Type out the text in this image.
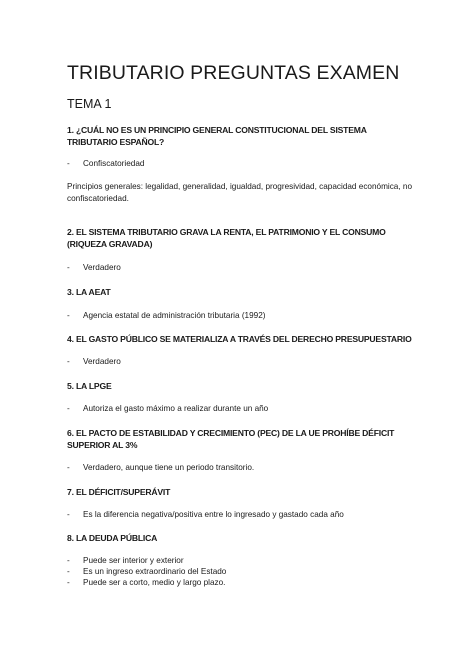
TRIBUTARIO PREGUNTAS EXAMEN
TEMA 1
1. ¿CUÁL NO ES UN PRINCIPIO GENERAL CONSTITUCIONAL DEL SISTEMA TRIBUTARIO ESPAÑOL?
- Confiscatoriedad
Principios generales: legalidad, generalidad, igualdad, progresividad, capacidad económica, no confiscatoriedad.
2. EL SISTEMA TRIBUTARIO GRAVA LA RENTA, EL PATRIMONIO Y EL CONSUMO (RIQUEZA GRAVADA)
- Verdadero
3. LA AEAT
- Agencia estatal de administración tributaria (1992)
4. EL GASTO PÚBLICO SE MATERIALIZA A TRAVÉS DEL DERECHO PRESUPUESTARIO
- Verdadero
5. LA LPGE
- Autoriza el gasto máximo a realizar durante un año
6. EL PACTO DE ESTABILIDAD Y CRECIMIENTO (PEC) DE LA UE PROHÍBE DÉFICIT SUPERIOR AL 3%
- Verdadero, aunque tiene un periodo transitorio.
7. EL DÉFICIT/SUPERÁVIT
- Es la diferencia negativa/positiva entre lo ingresado y gastado cada año
8. LA DEUDA PÚBLICA
- Puede ser interior y exterior
- Es un ingreso extraordinario del Estado
- Puede ser a corto, medio y largo plazo.
